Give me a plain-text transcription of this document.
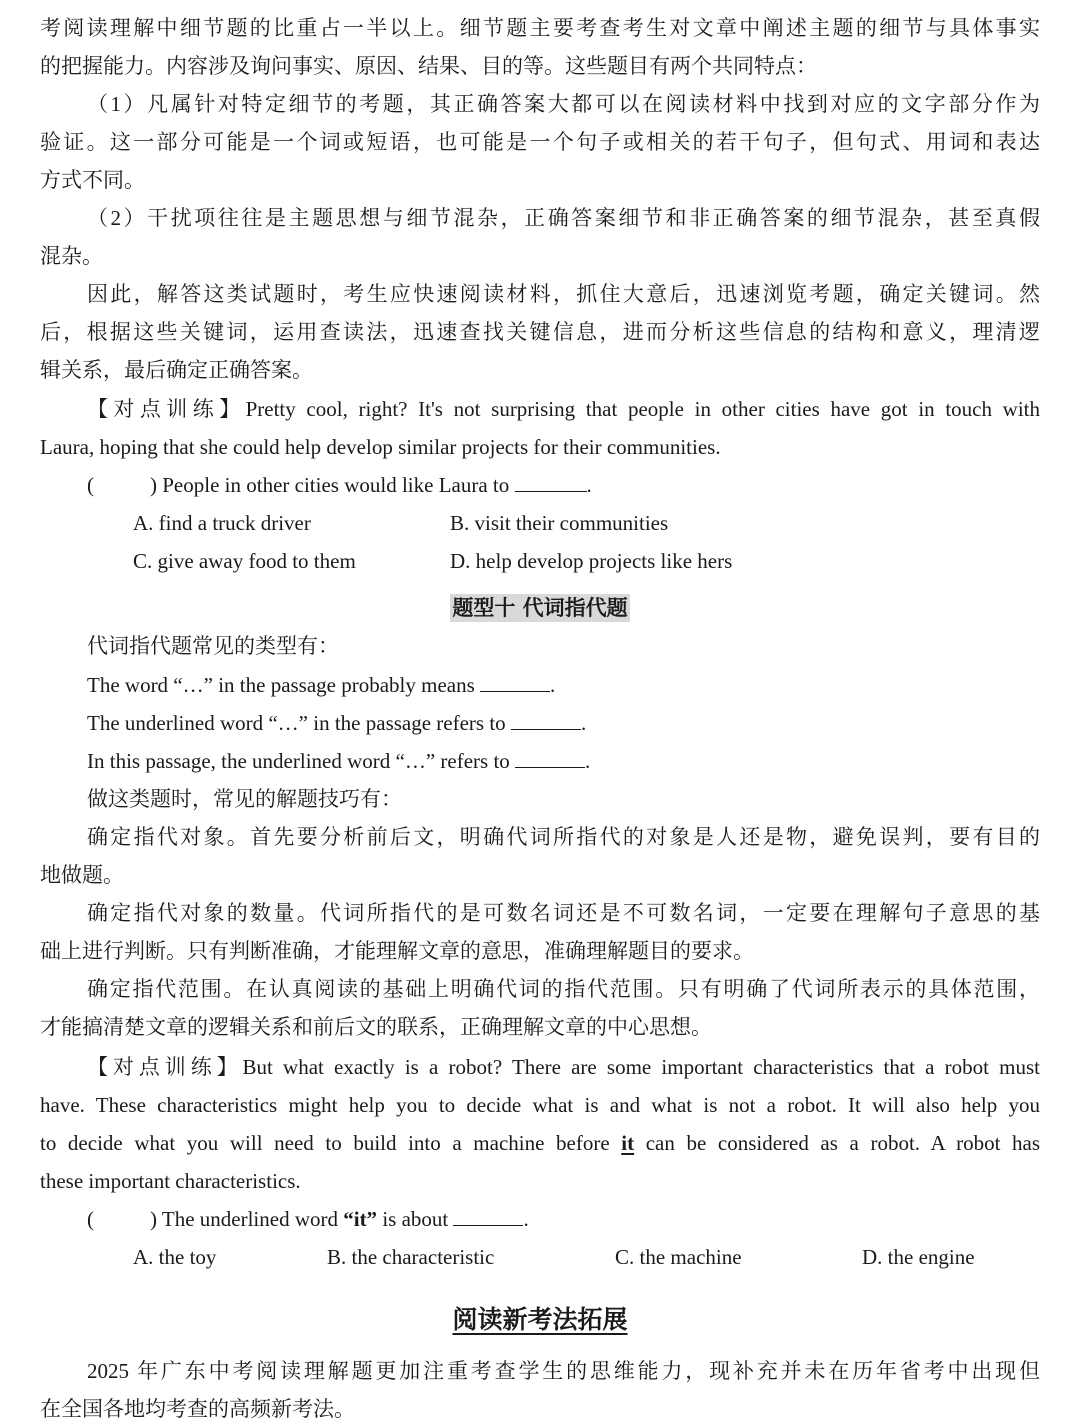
考阅读理解中细节题的比重占一半以上。细节题主要考查考生对文章中阐述主题的细节与具体事实
的把握能力。内容涉及询问事实、原因、结果、目的等。这些题目有两个共同特点：
（1）凡属针对特定细节的考题，其正确答案大都可以在阅读材料中找到对应的文字部分作为
验证。这一部分可能是一个词或短语，也可能是一个句子或相关的若干句子，但句式、用词和表达
方式不同。
（2）干扰项往往是主题思想与细节混杂，正确答案细节和非正确答案的细节混杂，甚至真假
混杂。
因此，解答这类试题时，考生应快速阅读材料，抓住大意后，迅速浏览考题，确定关键词。然
后，根据这些关键词，运用查读法，迅速查找关键信息，进而分析这些信息的结构和意义，理清逻
辑关系，最后确定正确答案。
【对点训练】Pretty cool, right? It's not surprising that people in other cities have got in touch with
Laura, hoping that she could help develop similar projects for their communities.
(	) People in other cities would like Laura to	.
A. find a truck driver	B. visit their communities
C. give away food to them	D. help develop projects like hers
题型十 代词指代题
代词指代题常见的类型有：
The word “…” in the passage probably means	.
The underlined word “…” in the passage refers to	.
In this passage, the underlined word “…” refers to	.
做这类题时，常见的解题技巧有：
确定指代对象。首先要分析前后文，明确代词所指代的对象是人还是物，避免误判，要有目的
地做题。
确定指代对象的数量。代词所指代的是可数名词还是不可数名词，一定要在理解句子意思的基
础上进行判断。只有判断准确，才能理解文章的意思，准确理解题目的要求。
确定指代范围。在认真阅读的基础上明确代词的指代范围。只有明确了代词所表示的具体范围，
才能搞清楚文章的逻辑关系和前后文的联系，正确理解文章的中心思想。
【对点训练】But what exactly is a robot? There are some important characteristics that a robot must
have. These characteristics might help you to decide what is and what is not a robot. It will also help you
to decide what you will need to build into a machine before it can be considered as a robot. A robot has
these important characteristics.
(	) The underlined word “it” is about	.
A. the toy	B. the characteristic	C. the machine	D. the engine
阅读新考法拓展
2025 年广东中考阅读理解题更加注重考查学生的思维能力，现补充并未在历年省考中出现但
在全国各地均考查的高频新考法。
